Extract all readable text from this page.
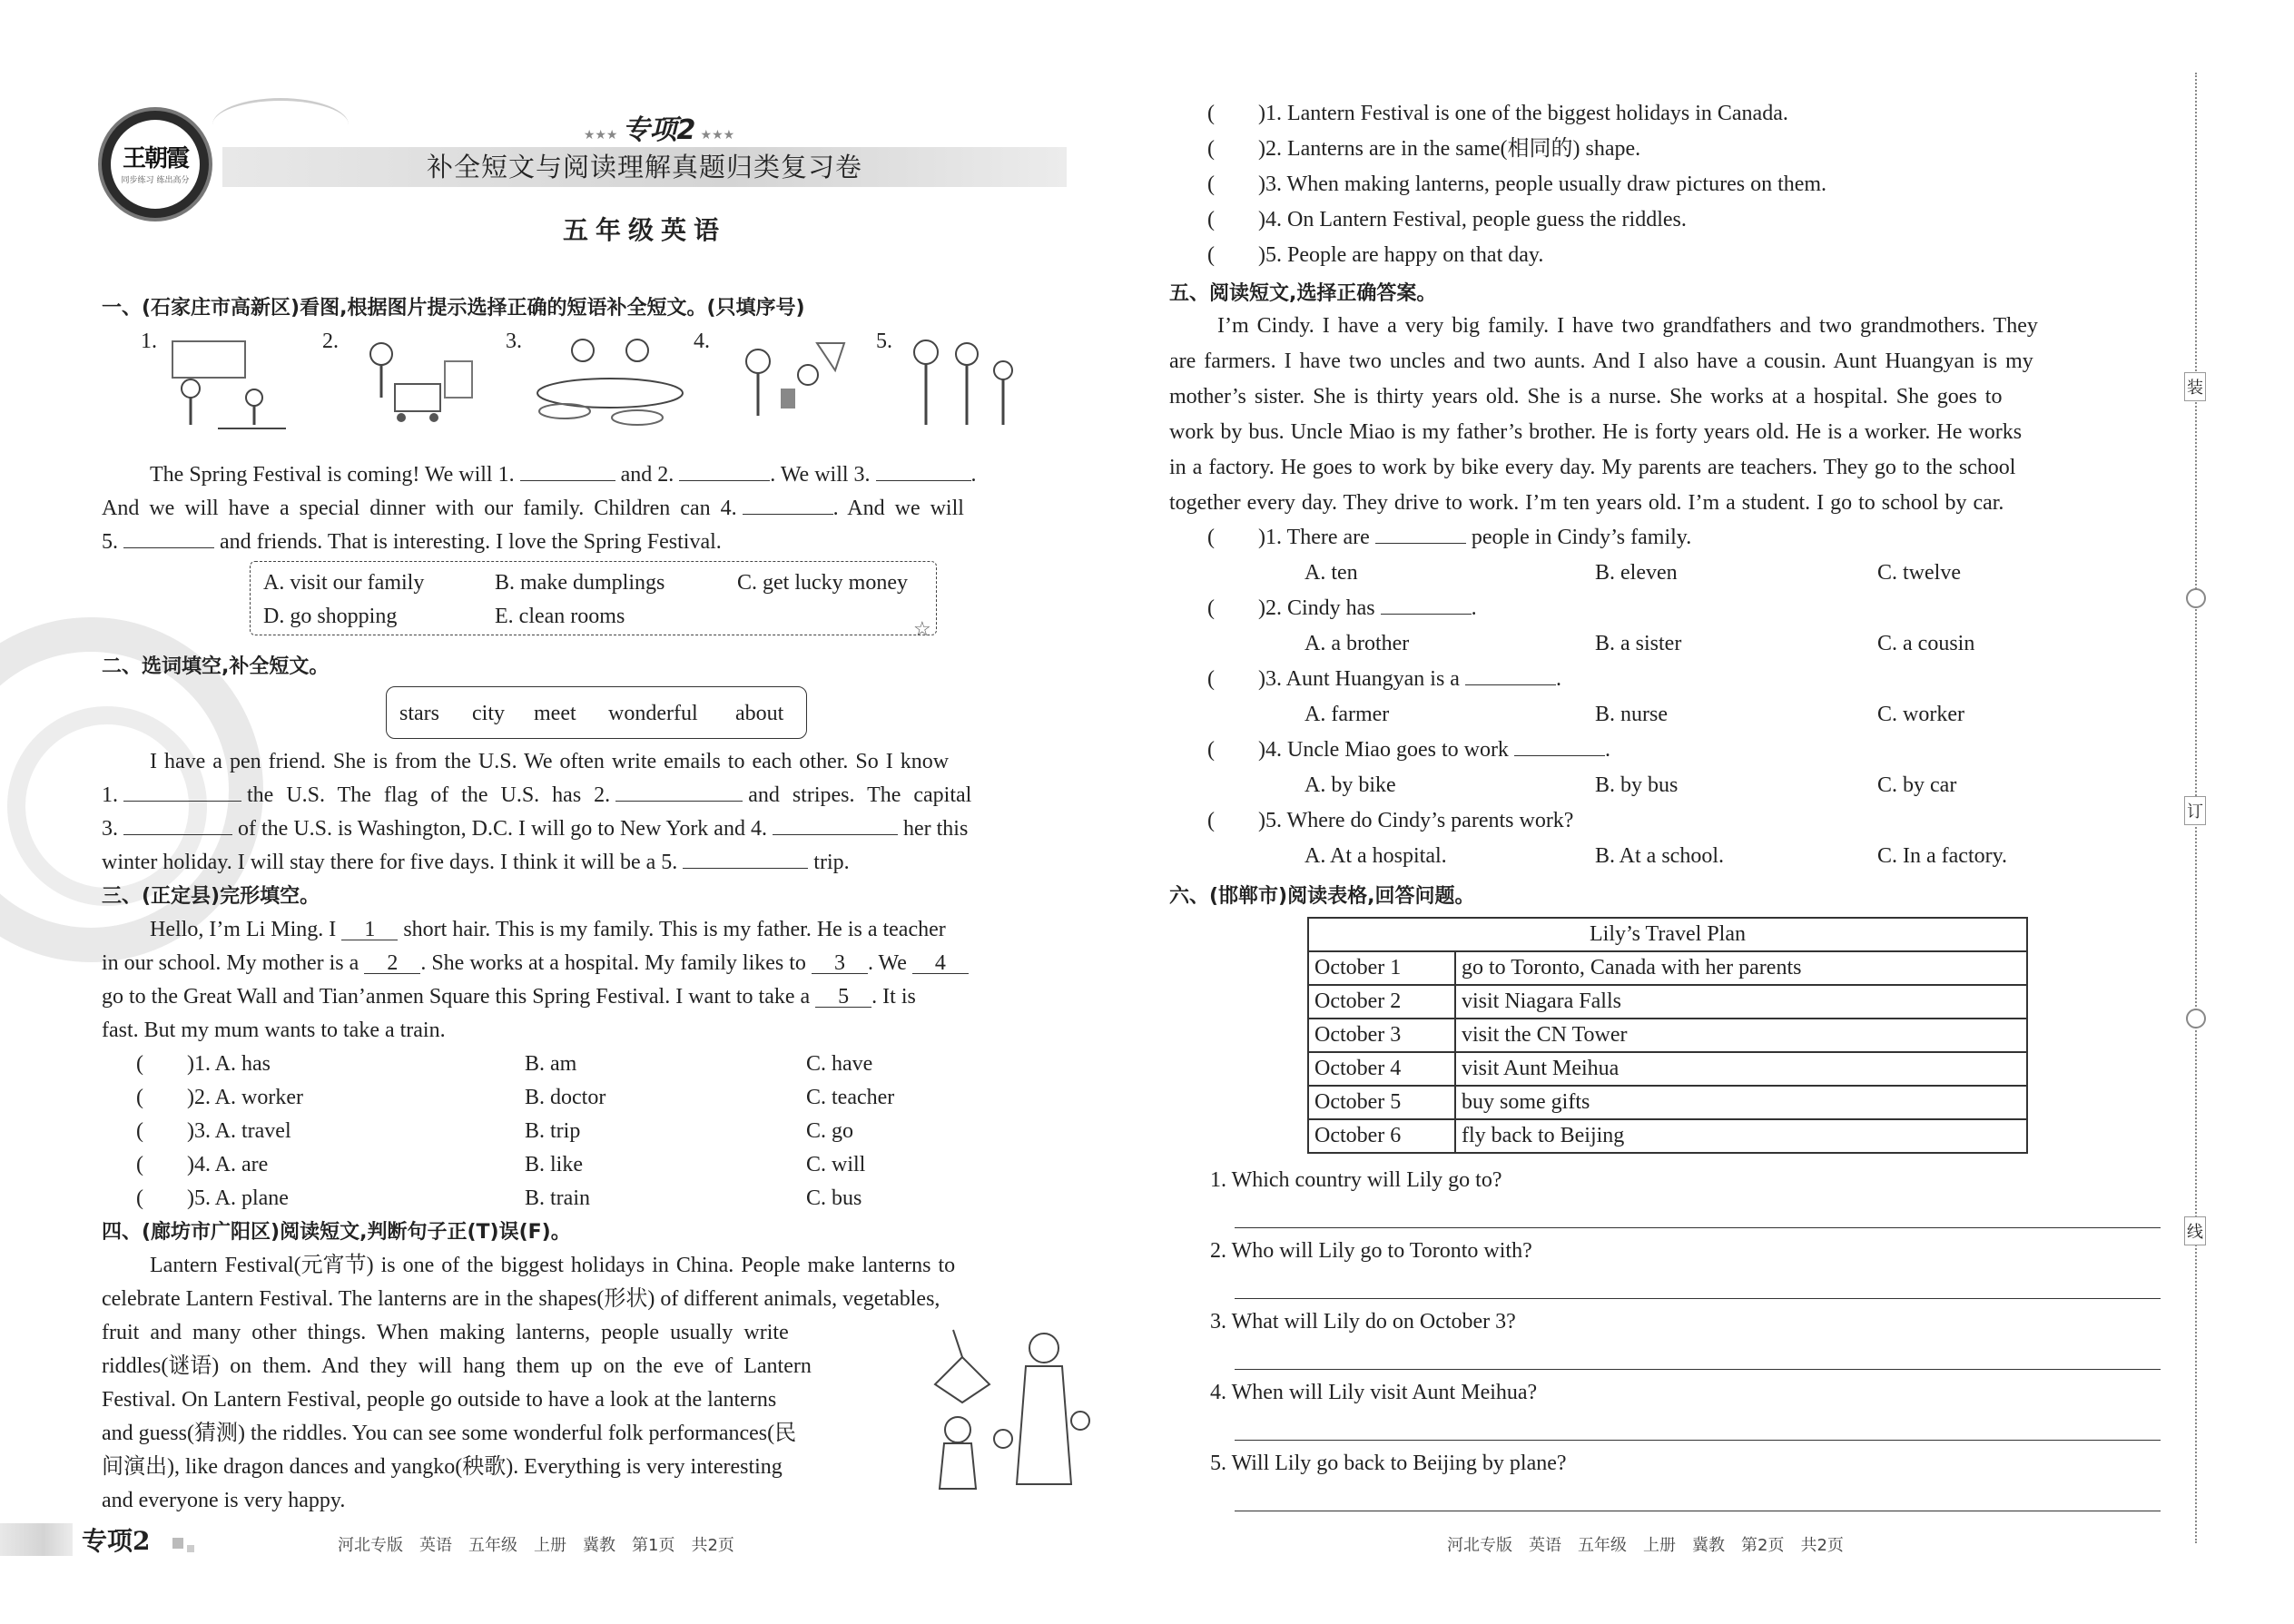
王朝霞
同步练习 练出高分
★★★ 专项2 ★★★
补全短文与阅读理解真题归类复习卷
五年级英语
一、(石家庄市高新区)看图,根据图片提示选择正确的短语补全短文。(只填序号)
1.	2.	3.	4.	5.
The Spring Festival is coming! We will 1.	and 2.	. We will 3.	.
And we will have a special dinner with our family. Children can 4.	. And we will
5.	and friends. That is interesting. I love the Spring Festival.
A. visit our family	B. make dumplings	C. get lucky money
D. go shopping	E. clean rooms
☆
二、选词填空,补全短文。
stars city meet wonderful about
I have a pen friend. She is from the U.S. We often write emails to each other. So I know
1.	the U.S. The flag of the U.S. has 2.	and stripes. The capital
3.	of the U.S. is Washington, D.C. I will go to New York and 4.	her this
winter holiday. I will stay there for five days. I think it will be a 5.	trip.
三、(正定县)完形填空。
Hello, I’m Li Ming. I 1 short hair. This is my family. This is my father. He is a teacher
in our school. My mother is a 2 . She works at a hospital. My family likes to 3 . We 4
go to the Great Wall and Tian’anmen Square this Spring Festival. I want to take a 5 . It is
fast. But my mum wants to take a train.
(　　)1. A. has	B. am	C. have
(　　)2. A. worker	B. doctor	C. teacher
(　　)3. A. travel	B. trip	C. go
(　　)4. A. are	B. like	C. will
(　　)5. A. plane	B. train	C. bus
四、(廊坊市广阳区)阅读短文,判断句子正(T)误(F)。
Lantern Festival(元宵节) is one of the biggest holidays in China. People make lanterns to
celebrate Lantern Festival. The lanterns are in the shapes(形状) of different animals, vegetables,
fruit and many other things. When making lanterns, people usually write
riddles(谜语) on them. And they will hang them up on the eve of Lantern
Festival. On Lantern Festival, people go outside to have a look at the lanterns
and guess(猜测) the riddles. You can see some wonderful folk performances(民
间演出), like dragon dances and yangko(秧歌). Everything is very interesting
and everyone is very happy.
专项2	河北专版　英语　五年级　上册　冀教　第1页　共2页
(　　)1. Lantern Festival is one of the biggest holidays in Canada.
(　　)2. Lanterns are in the same(相同的) shape.
(　　)3. When making lanterns, people usually draw pictures on them.
(　　)4. On Lantern Festival, people guess the riddles.
(　　)5. People are happy on that day.
五、阅读短文,选择正确答案。
I’m Cindy. I have a very big family. I have two grandfathers and two grandmothers. They
are farmers. I have two uncles and two aunts. And I also have a cousin. Aunt Huangyan is my
mother’s sister. She is thirty years old. She is a nurse. She works at a hospital. She goes to
work by bus. Uncle Miao is my father’s brother. He is forty years old. He is a worker. He works
in a factory. He goes to work by bike every day. My parents are teachers. They go to the school
together every day. They drive to work. I’m ten years old. I’m a student. I go to school by car.
(　　)1. There are	people in Cindy’s family.
A. ten	B. eleven	C. twelve
(　　)2. Cindy has	.
A. a brother	B. a sister	C. a cousin
(　　)3. Aunt Huangyan is a	.
A. farmer	B. nurse	C. worker
(　　)4. Uncle Miao goes to work	.
A. by bike	B. by bus	C. by car
(　　)5. Where do Cindy’s parents work?
A. At a hospital.	B. At a school.	C. In a factory.
六、(邯郸市)阅读表格,回答问题。
Lily’s Travel Plan	
October 1	go to Toronto, Canada with her parents
October 2	visit Niagara Falls
October 3	visit the CN Tower
October 4	visit Aunt Meihua
October 5	buy some gifts
October 6	fly back to Beijing
1. Which country will Lily go to?
2. Who will Lily go to Toronto with?
3. What will Lily do on October 3?
4. When will Lily visit Aunt Meihua?
5. Will Lily go back to Beijing by plane?
河北专版　英语　五年级　上册　冀教　第2页　共2页
装
订
线
